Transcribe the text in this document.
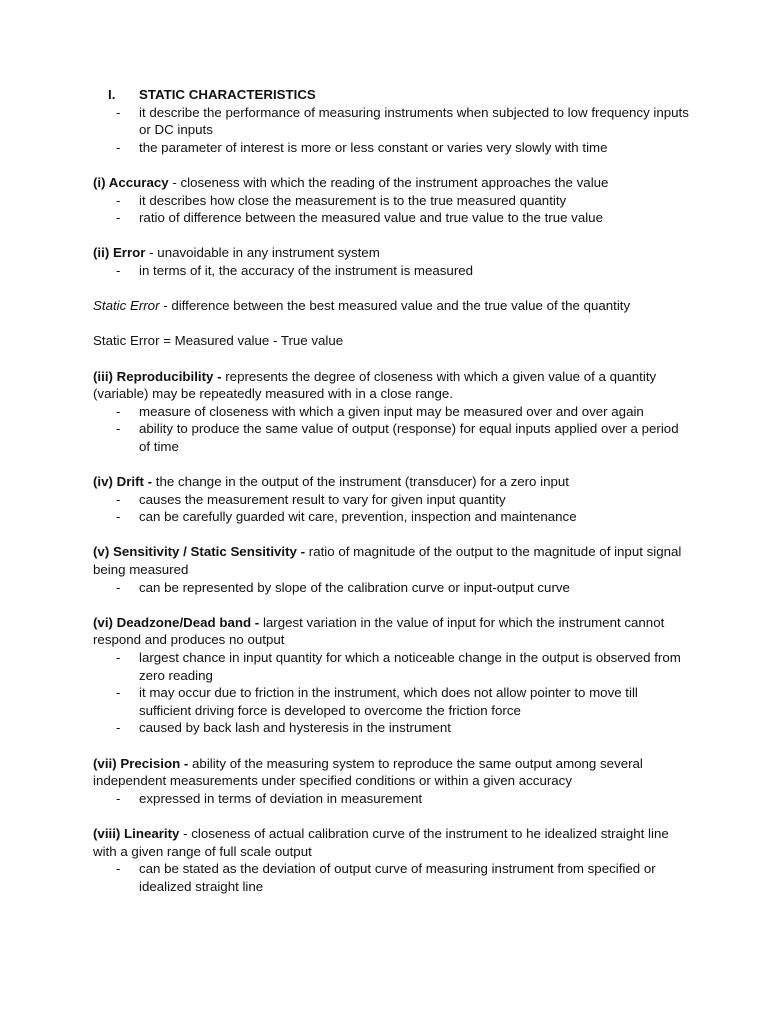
I. STATIC CHARACTERISTICS
- it describe the performance of measuring instruments when subjected to low frequency inputs or DC inputs
- the parameter of interest is more or less constant or varies very slowly with time
(i) Accuracy - closeness with which the reading of the instrument approaches the value
- it describes how close the measurement is to the true measured quantity
- ratio of difference between the measured value and true value to the true value
(ii) Error - unavoidable in any instrument system
- in terms of it, the accuracy of the instrument is measured
Static Error - difference between the best measured value and the true value of the quantity
Static Error = Measured value - True value
(iii) Reproducibility - represents the degree of closeness with which a given value of a quantity (variable) may be repeatedly measured with in a close range.
- measure of closeness with which a given input may be measured over and over again
- ability to produce the same value of output (response) for equal inputs applied over a period of time
(iv) Drift - the change in the output of the instrument (transducer) for a zero input
- causes the measurement result to vary for given input quantity
- can be carefully guarded wit care, prevention, inspection and maintenance
(v) Sensitivity / Static Sensitivity - ratio of magnitude of the output to the magnitude of input signal being measured
- can be represented by slope of the calibration curve or input-output curve
(vi) Deadzone/Dead band - largest variation in the value of input for which the instrument cannot respond and produces no output
- largest chance in input quantity for which a noticeable change in the output is observed from zero reading
- it may occur due to friction in the instrument, which does not allow pointer to move till sufficient driving force is developed to overcome the friction force
- caused by back lash and hysteresis in the instrument
(vii) Precision - ability of the measuring system to reproduce the same output among several independent measurements under specified conditions or within a given accuracy
- expressed in terms of deviation in measurement
(viii) Linearity - closeness of actual calibration curve of the instrument to he idealized straight line with a given range of full scale output
- can be stated as the deviation of output curve of measuring instrument from specified or idealized straight line
